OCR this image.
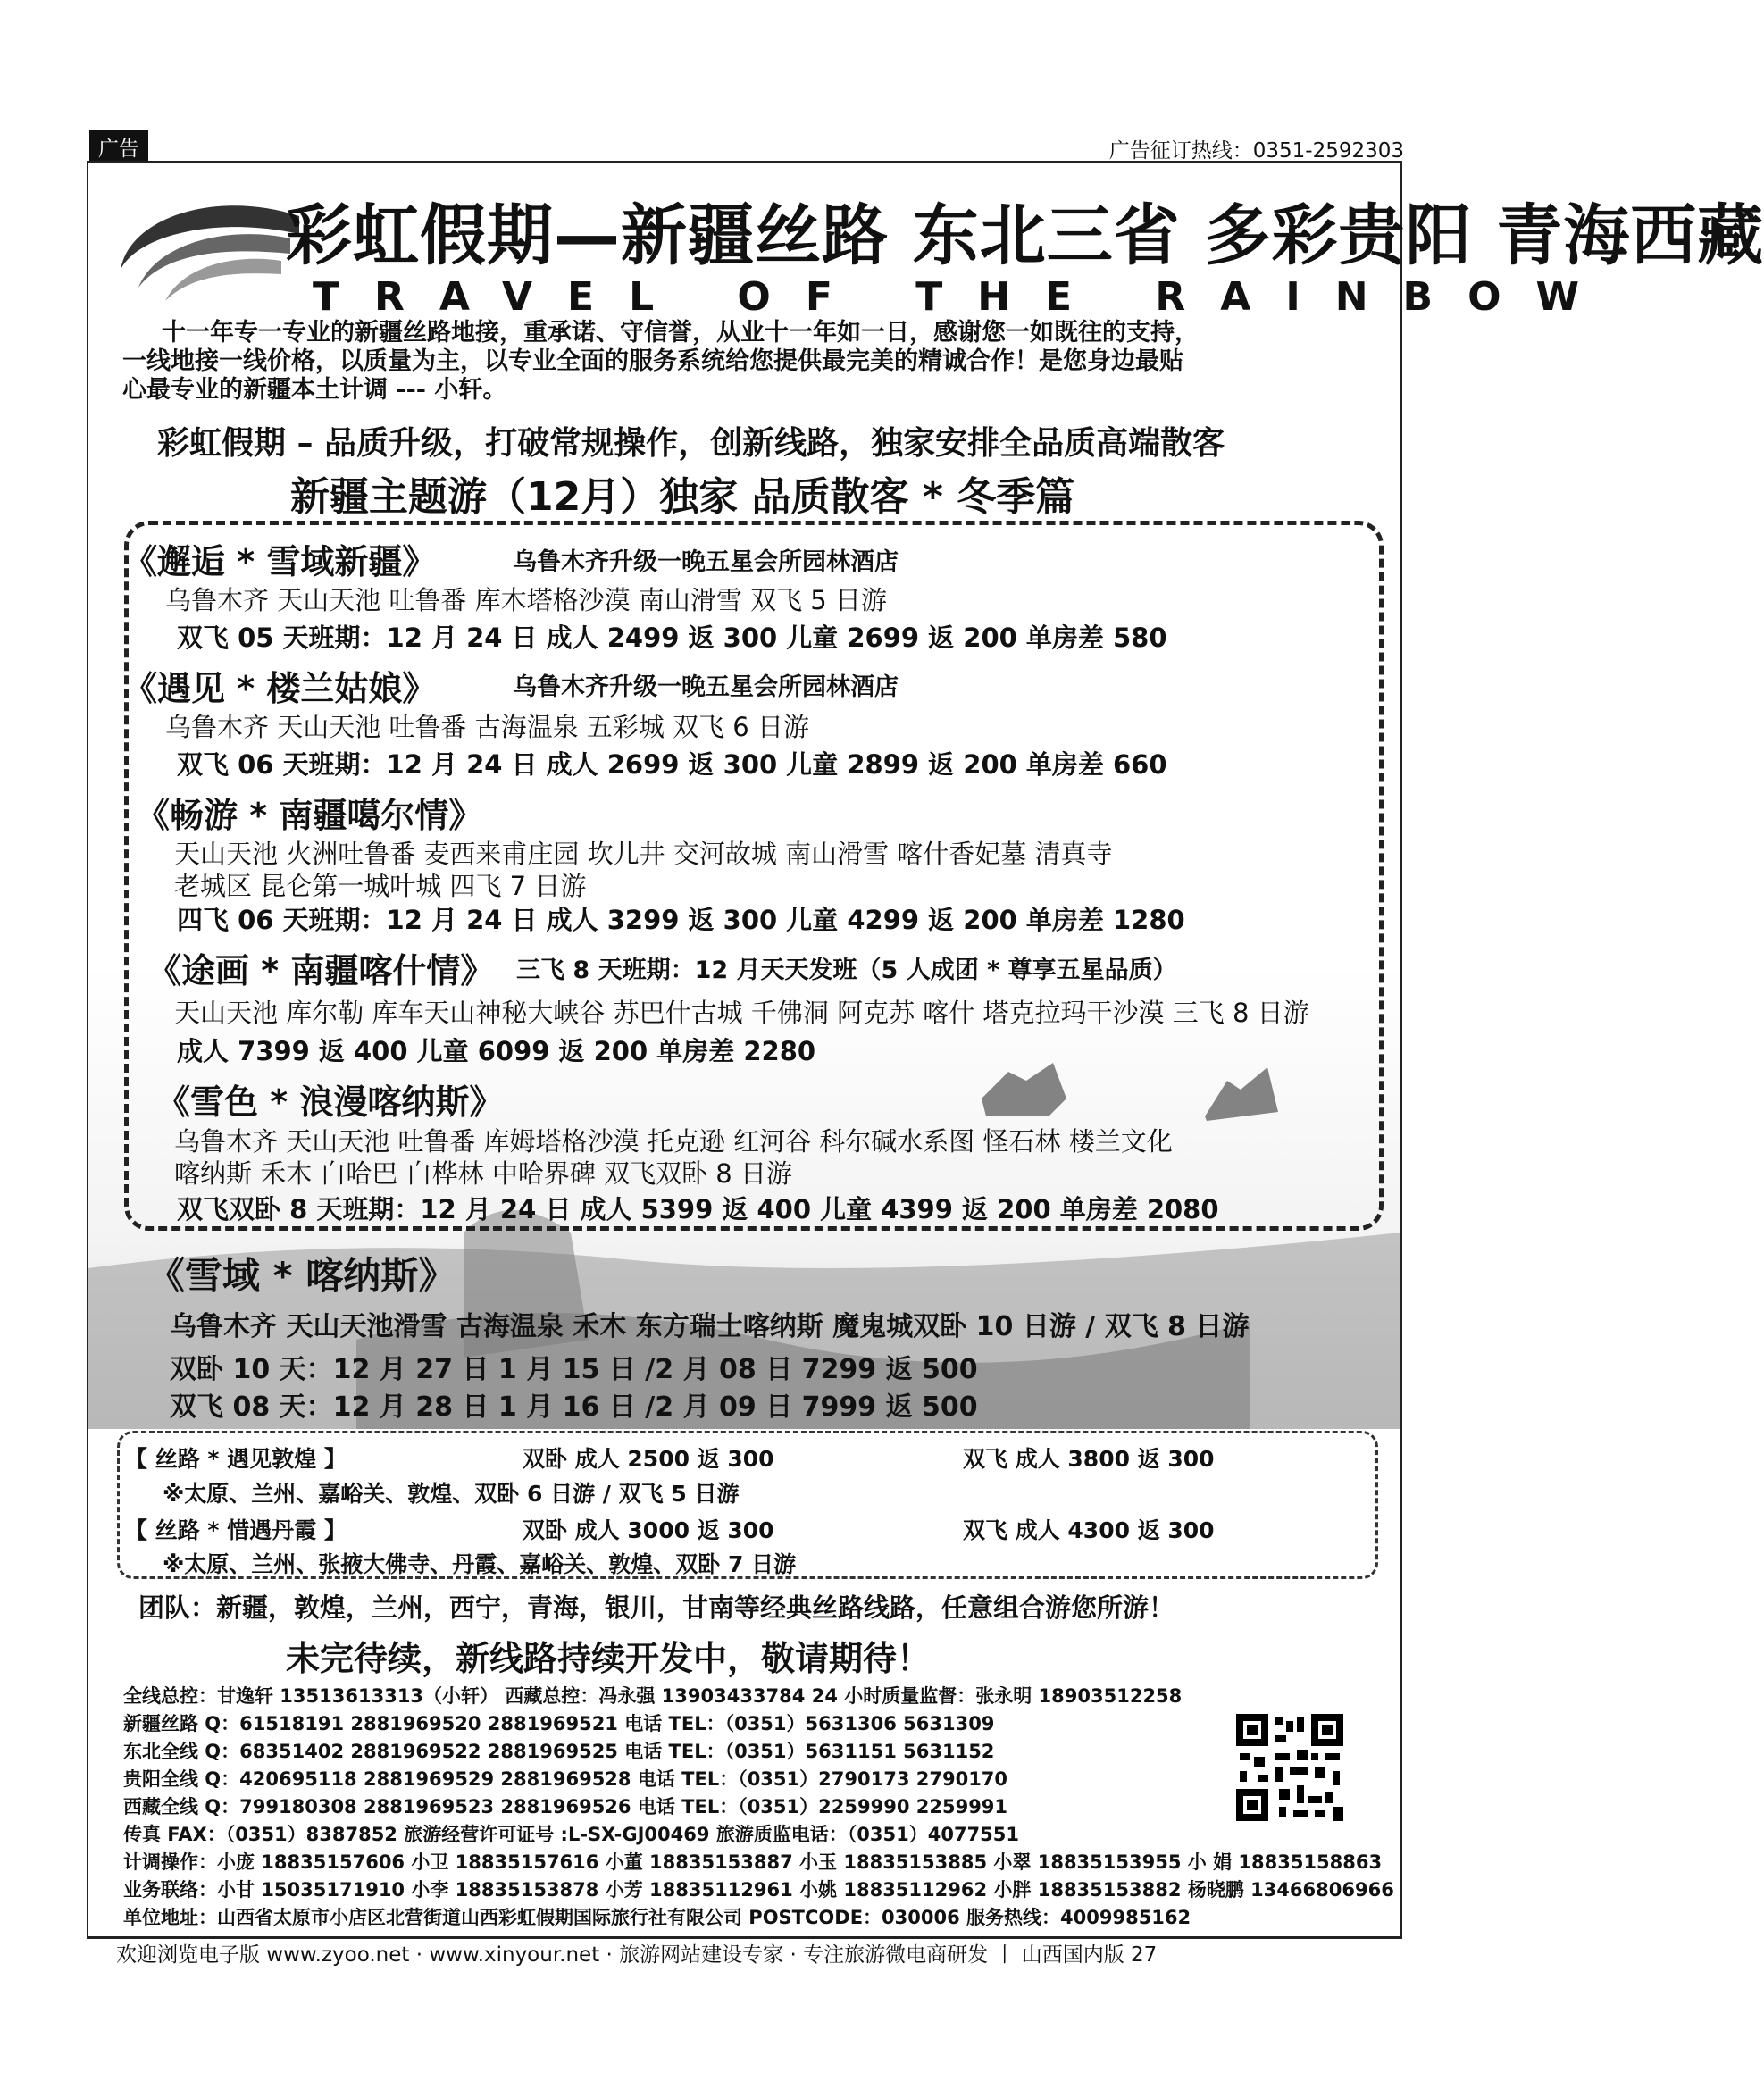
广告	广告征订热线：0351-2592303
彩虹假期—新疆丝路 东北三省 多彩贵阳 青海西藏
TRAVEL OF THE RAINBOW
十一年专一专业的新疆丝路地接，重承诺、守信誉，从业十一年如一日，感谢您一如既往的支持，
一线地接一线价格，以质量为主，以专业全面的服务系统给您提供最完美的精诚合作！是您身边最贴
心最专业的新疆本土计调 --- 小轩。
彩虹假期 – 品质升级，打破常规操作，创新线路，独家安排全品质高端散客
新疆主题游（12月）独家 品质散客 * 冬季篇
《邂逅 * 雪域新疆》	乌鲁木齐升级一晚五星会所园林酒店
乌鲁木齐 天山天池 吐鲁番 库木塔格沙漠 南山滑雪 双飞 5 日游
双飞 05 天班期：12 月 24 日 成人 2499 返 300 儿童 2699 返 200 单房差 580
《遇见 * 楼兰姑娘》	乌鲁木齐升级一晚五星会所园林酒店
乌鲁木齐 天山天池 吐鲁番 古海温泉 五彩城 双飞 6 日游
双飞 06 天班期：12 月 24 日 成人 2699 返 300 儿童 2899 返 200 单房差 660
《畅游 * 南疆噶尔情》
天山天池 火洲吐鲁番 麦西来甫庄园 坎儿井 交河故城 南山滑雪 喀什香妃墓 清真寺
老城区 昆仑第一城叶城 四飞 7 日游
四飞 06 天班期：12 月 24 日 成人 3299 返 300 儿童 4299 返 200 单房差 1280
《途画 * 南疆喀什情》 三飞 8 天班期：12 月天天发班（5 人成团 * 尊享五星品质）
天山天池 库尔勒 库车天山神秘大峡谷 苏巴什古城 千佛洞 阿克苏 喀什 塔克拉玛干沙漠 三飞 8 日游
成人 7399 返 400 儿童 6099 返 200 单房差 2280
《雪色 * 浪漫喀纳斯》
乌鲁木齐 天山天池 吐鲁番 库姆塔格沙漠 托克逊 红河谷 科尔碱水系图 怪石林 楼兰文化
喀纳斯 禾木 白哈巴 白桦林 中哈界碑 双飞双卧 8 日游
双飞双卧 8 天班期：12 月 24 日 成人 5399 返 400 儿童 4399 返 200 单房差 2080
《雪域 * 喀纳斯》
乌鲁木齐 天山天池滑雪 古海温泉 禾木 东方瑞士喀纳斯 魔鬼城双卧 10 日游 / 双飞 8 日游
双卧 10 天：12 月 27 日 1 月 15 日 /2 月 08 日 7299 返 500
双飞 08 天：12 月 28 日 1 月 16 日 /2 月 09 日 7999 返 500
【 丝路 * 遇见敦煌 】	双卧 成人 2500 返 300	双飞 成人 3800 返 300
※太原、兰州、嘉峪关、敦煌、双卧 6 日游 / 双飞 5 日游
【 丝路 * 惜遇丹霞 】	双卧 成人 3000 返 300	双飞 成人 4300 返 300
※太原、兰州、张掖大佛寺、丹霞、嘉峪关、敦煌、双卧 7 日游
团队：新疆，敦煌，兰州，西宁，青海，银川，甘南等经典丝路线路，任意组合游您所游！
未完待续，新线路持续开发中，敬请期待！
全线总控：甘逸轩 13513613313（小轩） 西藏总控：冯永强 13903433784 24 小时质量监督：张永明 18903512258
新疆丝路 Q：61518191 2881969520 2881969521 电话 TEL：（0351）5631306 5631309
东北全线 Q：68351402 2881969522 2881969525 电话 TEL：（0351）5631151 5631152
贵阳全线 Q：420695118 2881969529 2881969528 电话 TEL：（0351）2790173 2790170
西藏全线 Q：799180308 2881969523 2881969526 电话 TEL：（0351）2259990 2259991
传真 FAX：（0351）8387852 旅游经营许可证号 :L-SX-GJ00469 旅游质监电话：（0351）4077551
计调操作：小庞 18835157606 小卫 18835157616 小董 18835153887 小玉 18835153885 小翠 18835153955 小 娟 18835158863
业务联络：小甘 15035171910 小李 18835153878 小芳 18835112961 小姚 18835112962 小胖 18835153882 杨晓鹏 13466806966
单位地址：山西省太原市小店区北营街道山西彩虹假期国际旅行社有限公司 POSTCODE：030006 服务热线：4009985162
欢迎浏览电子版 www.zyoo.net · www.xinyour.net · 旅游网站建设专家 · 专注旅游微电商研发 丨 山西国内版 27
